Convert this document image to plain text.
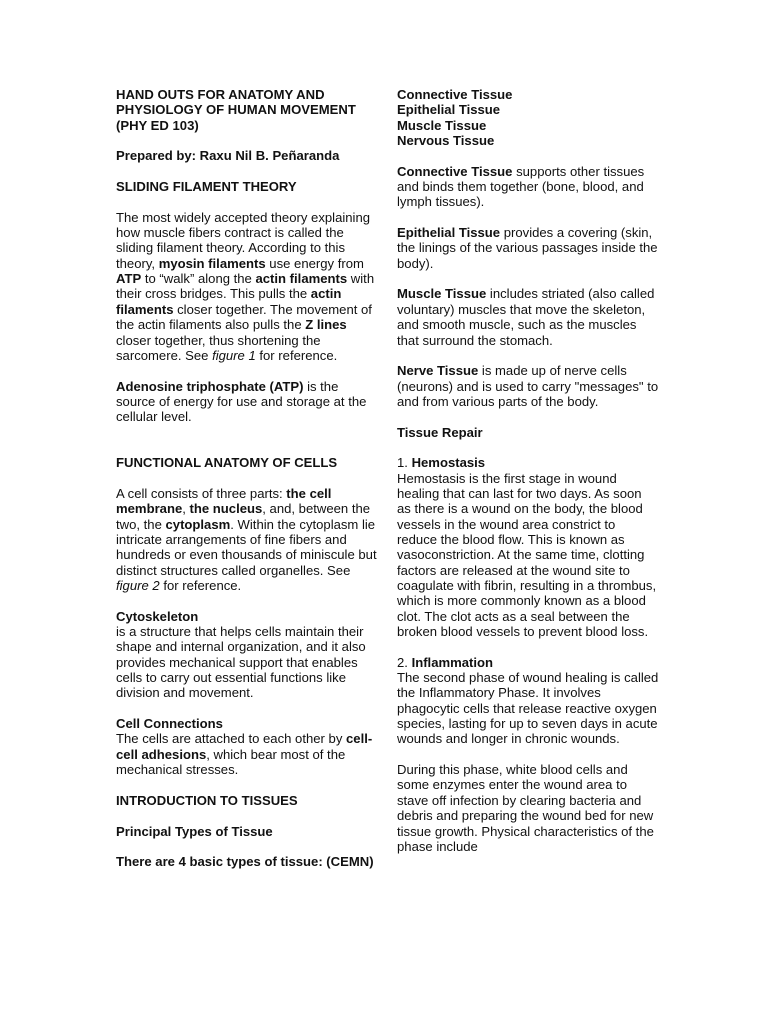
HAND OUTS FOR ANATOMY AND PHYSIOLOGY OF HUMAN MOVEMENT (PHY ED 103)

Prepared by: Raxu Nil B. Peñaranda

SLIDING FILAMENT THEORY

The most widely accepted theory explaining how muscle fibers contract is called the sliding filament theory. According to this theory, myosin filaments use energy from ATP to “walk” along the actin filaments with their cross bridges. This pulls the actin filaments closer together. The movement of the actin filaments also pulls the Z lines closer together, thus shortening the sarcomere. See figure 1 for reference.

Adenosine triphosphate (ATP) is the source of energy for use and storage at the cellular level.

FUNCTIONAL ANATOMY OF CELLS

A cell consists of three parts: the cell membrane, the nucleus, and, between the two, the cytoplasm. Within the cytoplasm lie intricate arrangements of fine fibers and hundreds or even thousands of miniscule but distinct structures called organelles. See figure 2 for reference.

Cytoskeleton
is a structure that helps cells maintain their shape and internal organization, and it also provides mechanical support that enables cells to carry out essential functions like division and movement.

Cell Connections
The cells are attached to each other by cell-cell adhesions, which bear most of the mechanical stresses.

INTRODUCTION TO TISSUES

Principal Types of Tissue

There are 4 basic types of tissue: (CEMN)

Connective Tissue
Epithelial Tissue
Muscle Tissue
Nervous Tissue

Connective Tissue supports other tissues and binds them together (bone, blood, and lymph tissues).

Epithelial Tissue provides a covering (skin, the linings of the various passages inside the body).

Muscle Tissue includes striated (also called voluntary) muscles that move the skeleton, and smooth muscle, such as the muscles that surround the stomach.

Nerve Tissue is made up of nerve cells (neurons) and is used to carry "messages" to and from various parts of the body.

Tissue Repair

1. Hemostasis
Hemostasis is the first stage in wound healing that can last for two days. As soon as there is a wound on the body, the blood vessels in the wound area constrict to reduce the blood flow. This is known as vasoconstriction. At the same time, clotting factors are released at the wound site to coagulate with fibrin, resulting in a thrombus, which is more commonly known as a blood clot. The clot acts as a seal between the broken blood vessels to prevent blood loss.

2. Inflammation
The second phase of wound healing is called the Inflammatory Phase. It involves phagocytic cells that release reactive oxygen species, lasting for up to seven days in acute wounds and longer in chronic wounds.

During this phase, white blood cells and some enzymes enter the wound area to stave off infection by clearing bacteria and debris and preparing the wound bed for new tissue growth. Physical characteristics of the phase include
